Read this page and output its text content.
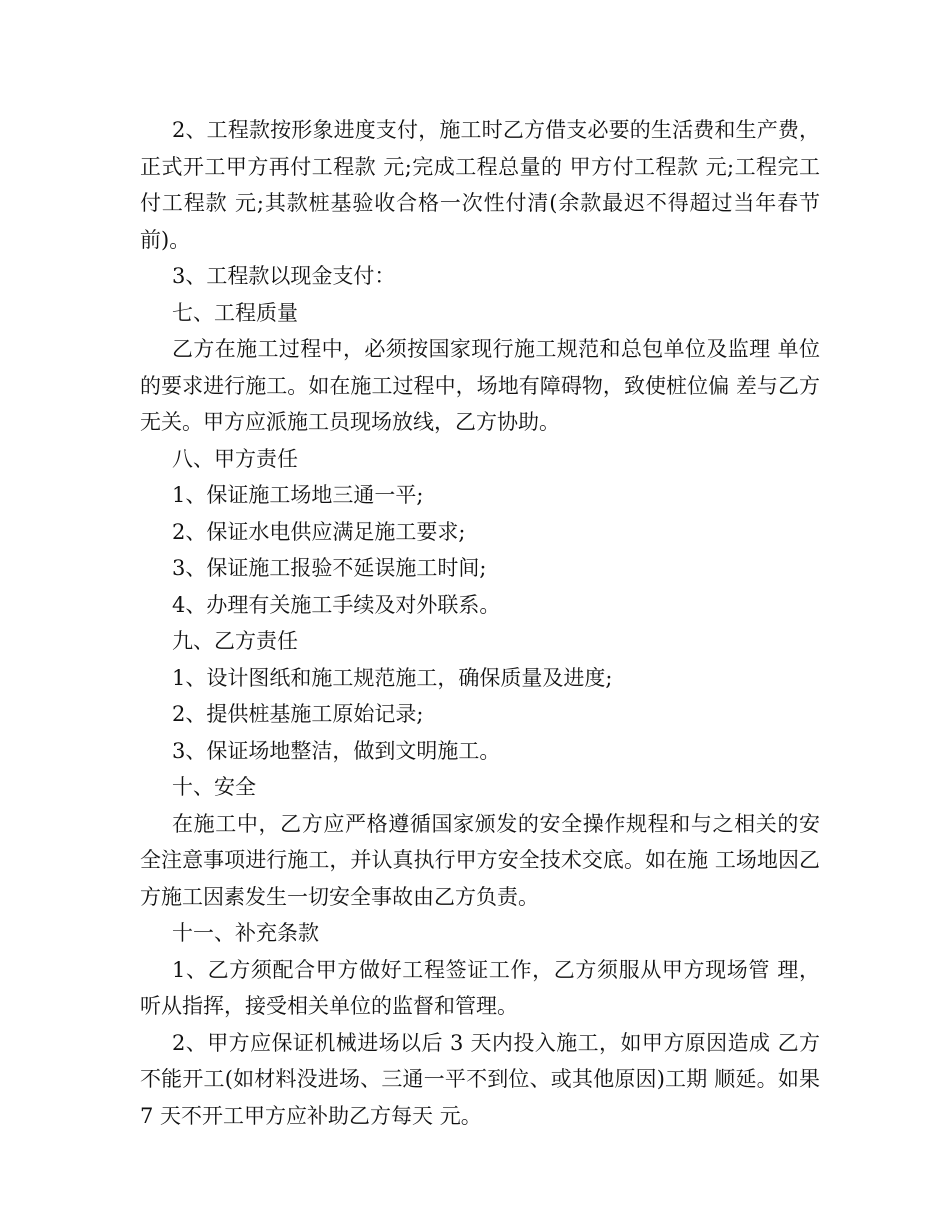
2、工程款按形象进度支付，施工时乙方借支必要的生活费和生产费，正式开工甲方再付工程款 元;完成工程总量的 甲方付工程款 元;工程完工付工程款 元;其款桩基验收合格一次性付清(余款最迟不得超过当年春节前)。

3、工程款以现金支付：

七、工程质量

乙方在施工过程中，必须按国家现行施工规范和总包单位及监理 单位的要求进行施工。如在施工过程中，场地有障碍物，致使桩位偏 差与乙方无关。甲方应派施工员现场放线，乙方协助。

八、甲方责任

1、保证施工场地三通一平;

2、保证水电供应满足施工要求;

3、保证施工报验不延误施工时间;

4、办理有关施工手续及对外联系。

九、乙方责任

1、设计图纸和施工规范施工，确保质量及进度;

2、提供桩基施工原始记录;

3、保证场地整洁，做到文明施工。

十、安全

在施工中，乙方应严格遵循国家颁发的安全操作规程和与之相关的安全注意事项进行施工，并认真执行甲方安全技术交底。如在施 工场地因乙方施工因素发生一切安全事故由乙方负责。

十一、补充条款

1、乙方须配合甲方做好工程签证工作，乙方须服从甲方现场管 理，听从指挥，接受相关单位的监督和管理。

2、甲方应保证机械进场以后 3 天内投入施工，如甲方原因造成 乙方不能开工(如材料没进场、三通一平不到位、或其他原因)工期 顺延。如果 7 天不开工甲方应补助乙方每天 元。
